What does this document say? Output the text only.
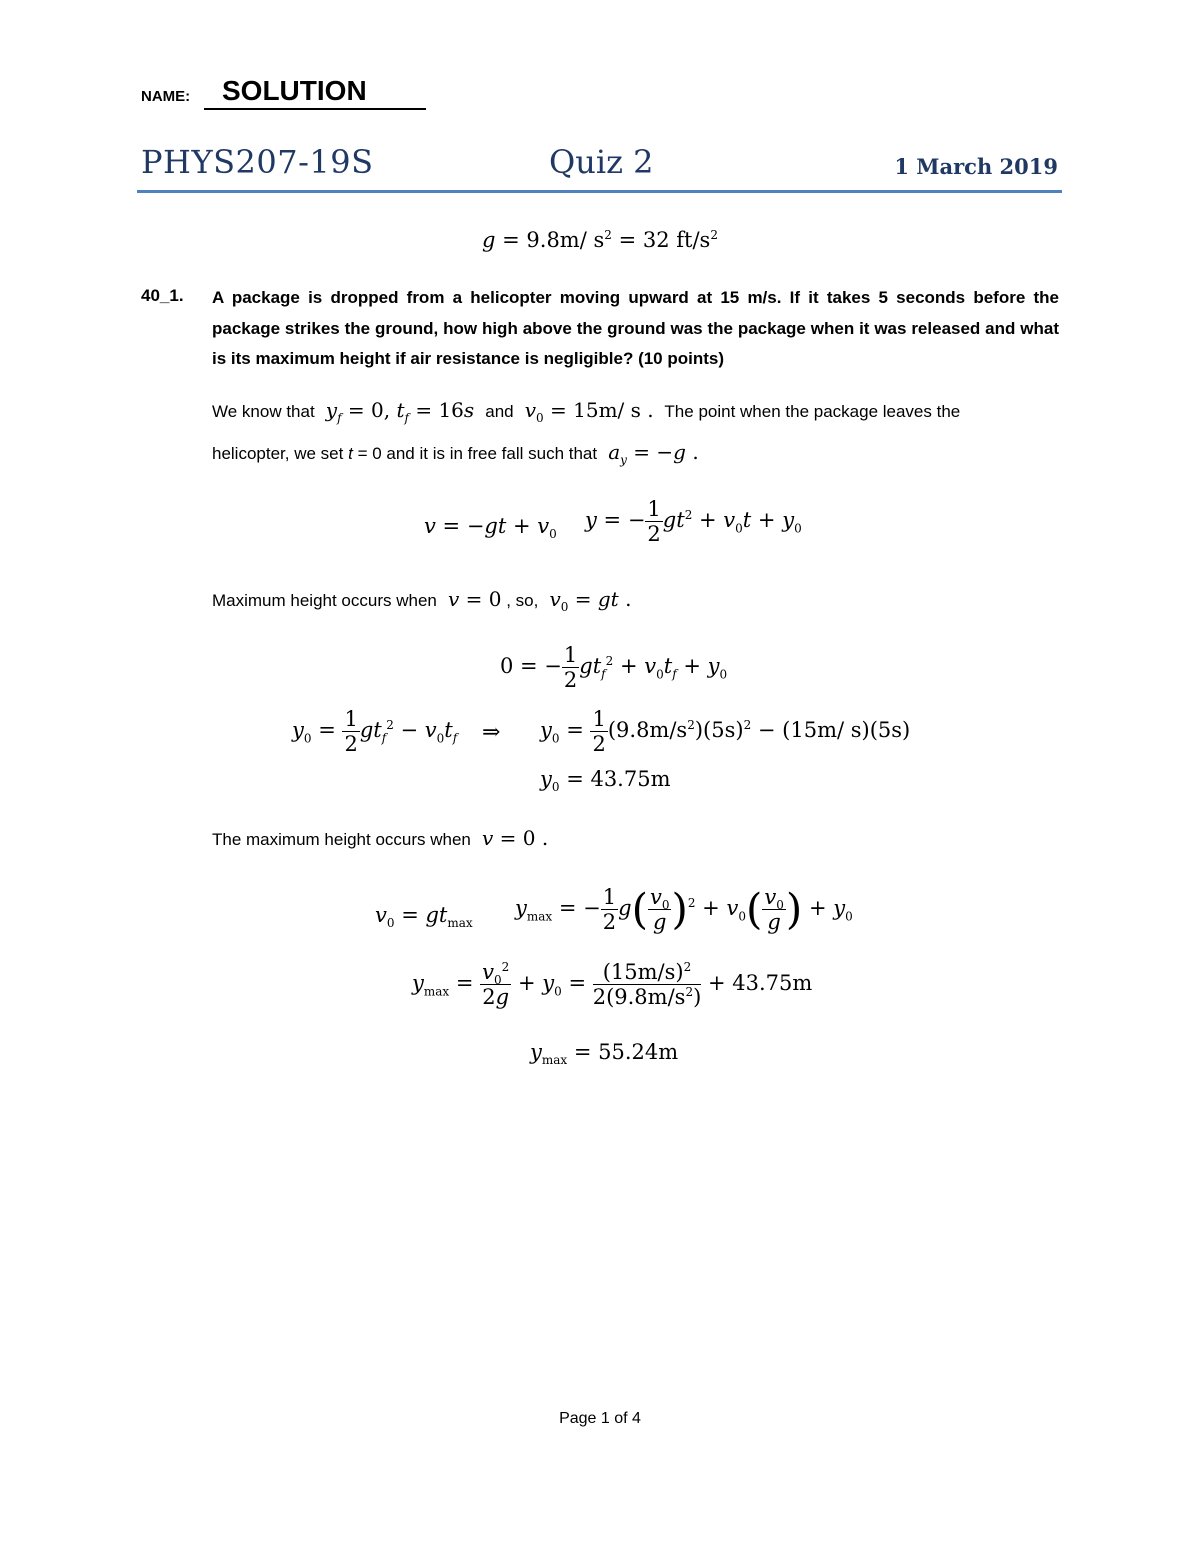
NAME:	SOLUTION
PHYS207-19S	Quiz 2	1 March 2019
g = 9.8m/ $s^2 = 32$ $ft/s^2$
40_1. A package is dropped from a helicopter moving upward at 15 m/s. If it takes 5 seconds before the package strikes the ground, how high above the ground was the package when it was released and what is its maximum height if air resistance is negligible? (10 points)
We know that $y_f = 0$, $t_f = 16s$ and $v_0 = 15m/$ s .  The point when the package leaves the
helicopter, we set t = 0 and it is in free fall such that $a_y = -g$ .
$v = -gt + v_0$
y = − $\frac{1}{2} gt^2 + v_0t + y_0$
Maximum height occurs when v = 0 , so, $v_0$ = gt .
0 = − $\frac{1}{2} gt_f^2 + v_0t_f + y_0$
$y_0 = \frac{1}{2} gt_f^2 - v_0t_f$ ⇒ $y_0 = \frac{1}{2} (9.8m/s^2)(5s)^2 - (15m/$ s)(5s)
$y_0 = 43.75m$
The maximum height occurs when v = 0 .
$v_0 = gt_{max}$
$y_{max}$ = − $\frac{1}{2} g( \frac{v_0}{g} )^2 + v_0( \frac{v_0}{g}$ ) + $y_0$
$y_{max} = \frac{v_0^2}{2g} + y_0 = \frac{(15m/s)^2}{2(9.8m/s^2)} + 43.75m$
$y_{max} = 55.24m$
Page 1 of 4
